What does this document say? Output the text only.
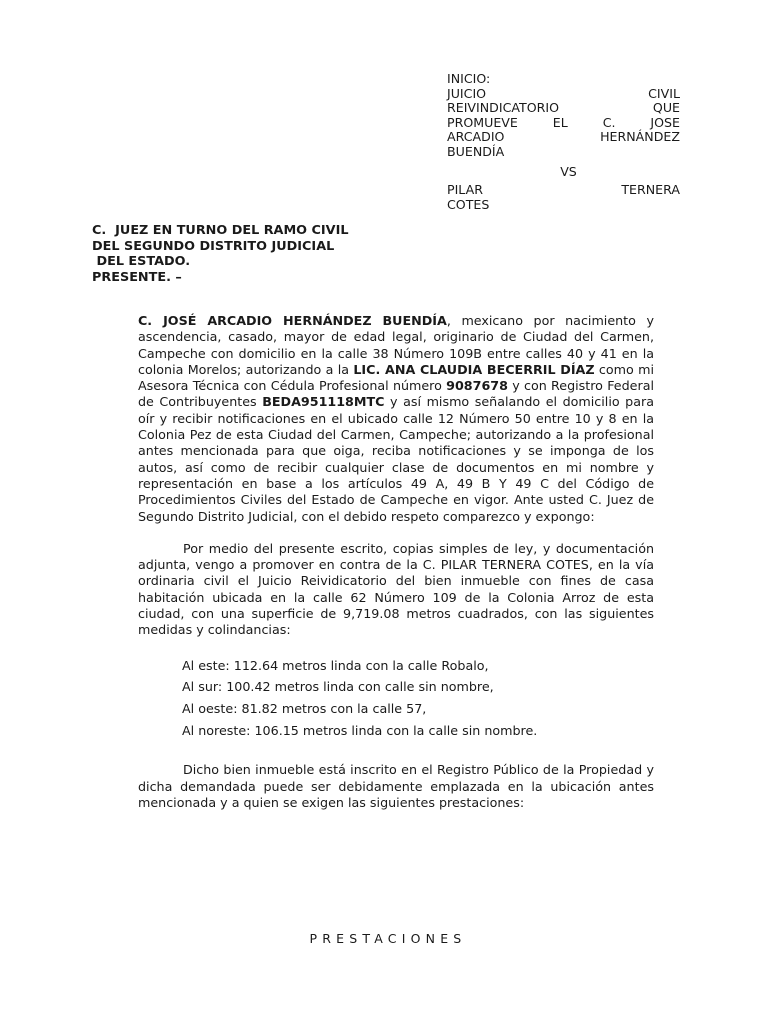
INICIO:
JUICIO CIVIL
REIVINDICATORIO QUE
PROMUEVE EL C. JOSE
ARCADIO HERNÁNDEZ
BUENDÍA
VS
PILAR TERNERA
COTES
C.  JUEZ EN TURNO DEL RAMO CIVIL
DEL SEGUNDO DISTRITO JUDICIAL
DEL ESTADO.
PRESENTE. –

C. JOSÉ ARCADIO HERNÁNDEZ BUENDÍA, mexicano por nacimiento y ascendencia, casado, mayor de edad legal, originario de Ciudad del Carmen, Campeche con domicilio en la calle 38 Número 109B entre calles 40 y 41 en la colonia Morelos; autorizando a la LIC. ANA CLAUDIA BECERRIL DÍAZ como mi Asesora Técnica con Cédula Profesional número 9087678 y con Registro Federal de Contribuyentes BEDA951118MTC y así mismo señalando el domicilio para oír y recibir notificaciones en el ubicado calle 12 Número 50 entre 10 y 8 en la Colonia Pez de esta Ciudad del Carmen, Campeche; autorizando a la profesional antes mencionada para que oiga, reciba notificaciones y se imponga de los autos, así como de recibir cualquier clase de documentos en mi nombre y representación en base a los artículos 49 A, 49 B Y 49 C del Código de Procedimientos Civiles del Estado de Campeche en vigor. Ante usted C. Juez de Segundo Distrito Judicial, con el debido respeto comparezco y expongo:

Por medio del presente escrito, copias simples de ley, y documentación adjunta, vengo a promover en contra de la C. PILAR TERNERA COTES, en la vía ordinaria civil el Juicio Reividicatorio del bien inmueble con fines de casa habitación ubicada en la calle 62 Número 109 de la Colonia Arroz de esta ciudad, con una superficie de 9,719.08 metros cuadrados, con las siguientes medidas y colindancias:

Al este: 112.64 metros linda con la calle Robalo,
Al sur: 100.42 metros linda con calle sin nombre,
Al oeste: 81.82 metros con la calle 57,
Al noreste: 106.15 metros linda con la calle sin nombre.

Dicho bien inmueble está inscrito en el Registro Público de la Propiedad y dicha demandada puede ser debidamente emplazada en la ubicación antes mencionada y a quien se exigen las siguientes prestaciones:

PRESTACIONES
